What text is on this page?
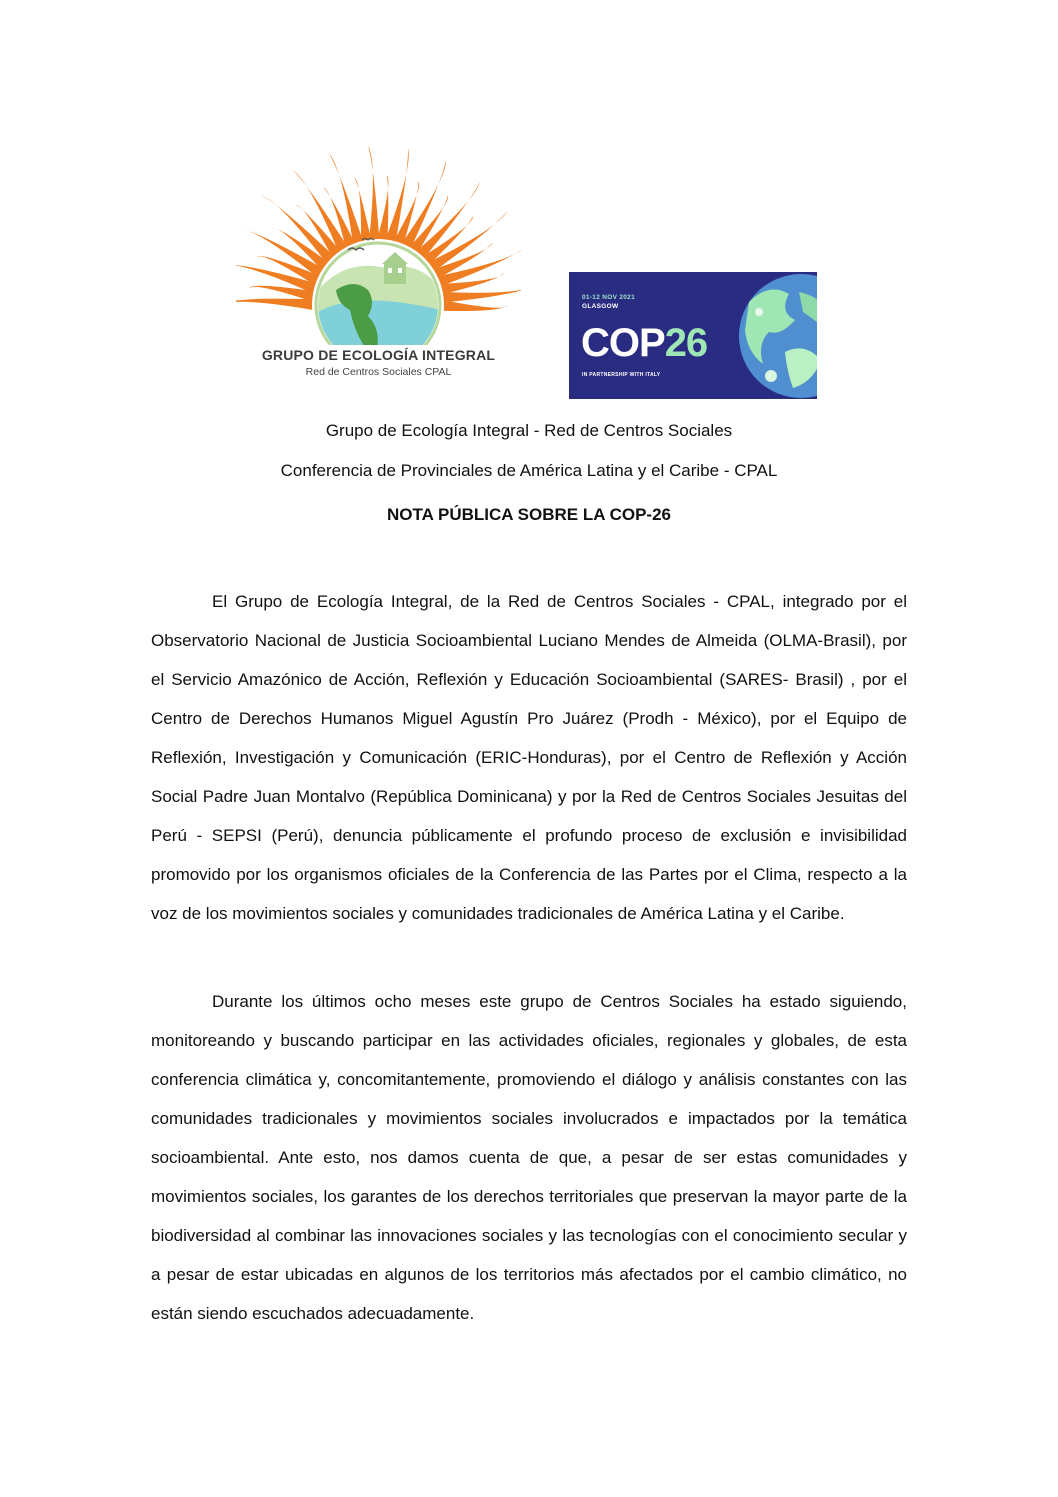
GRUPO DE ECOLOGÍA INTEGRAL
Red de Centros Sociales CPAL
01-12 NOV 2021
GLASGOW
COP26
IN PARTNERSHIP WITH ITALY
Grupo de Ecología Integral - Red de Centros Sociales
Conferencia de Provinciales de América Latina y el Caribe - CPAL
NOTA PÚBLICA SOBRE LA COP-26

El Grupo de Ecología Integral, de la Red de Centros Sociales - CPAL, integrado por el Observatorio Nacional de Justicia Socioambiental Luciano Mendes de Almeida (OLMA-Brasil), por el Servicio Amazónico de Acción, Reflexión y Educación Socioambiental (SARES- Brasil) , por el Centro de Derechos Humanos Miguel Agustín Pro Juárez (Prodh - México), por el Equipo de Reflexión, Investigación y Comunicación (ERIC-Honduras), por el Centro de Reflexión y Acción Social Padre Juan Montalvo (República Dominicana) y por la Red de Centros Sociales Jesuitas del Perú - SEPSI (Perú), denuncia públicamente el profundo proceso de exclusión e invisibilidad promovido por los organismos oficiales de la Conferencia de las Partes por el Clima, respecto a la voz de los movimientos sociales y comunidades tradicionales de América Latina y el Caribe.

Durante los últimos ocho meses este grupo de Centros Sociales ha estado siguiendo, monitoreando y buscando participar en las actividades oficiales, regionales y globales, de esta conferencia climática y, concomitantemente, promoviendo el diálogo y análisis constantes con las comunidades tradicionales y movimientos sociales involucrados e impactados por la temática socioambiental. Ante esto, nos damos cuenta de que, a pesar de ser estas comunidades y movimientos sociales, los garantes de los derechos territoriales que preservan la mayor parte de la biodiversidad al combinar las innovaciones sociales y las tecnologías con el conocimiento secular y a pesar de estar ubicadas en algunos de los territorios más afectados por el cambio climático, no están siendo escuchados adecuadamente.
